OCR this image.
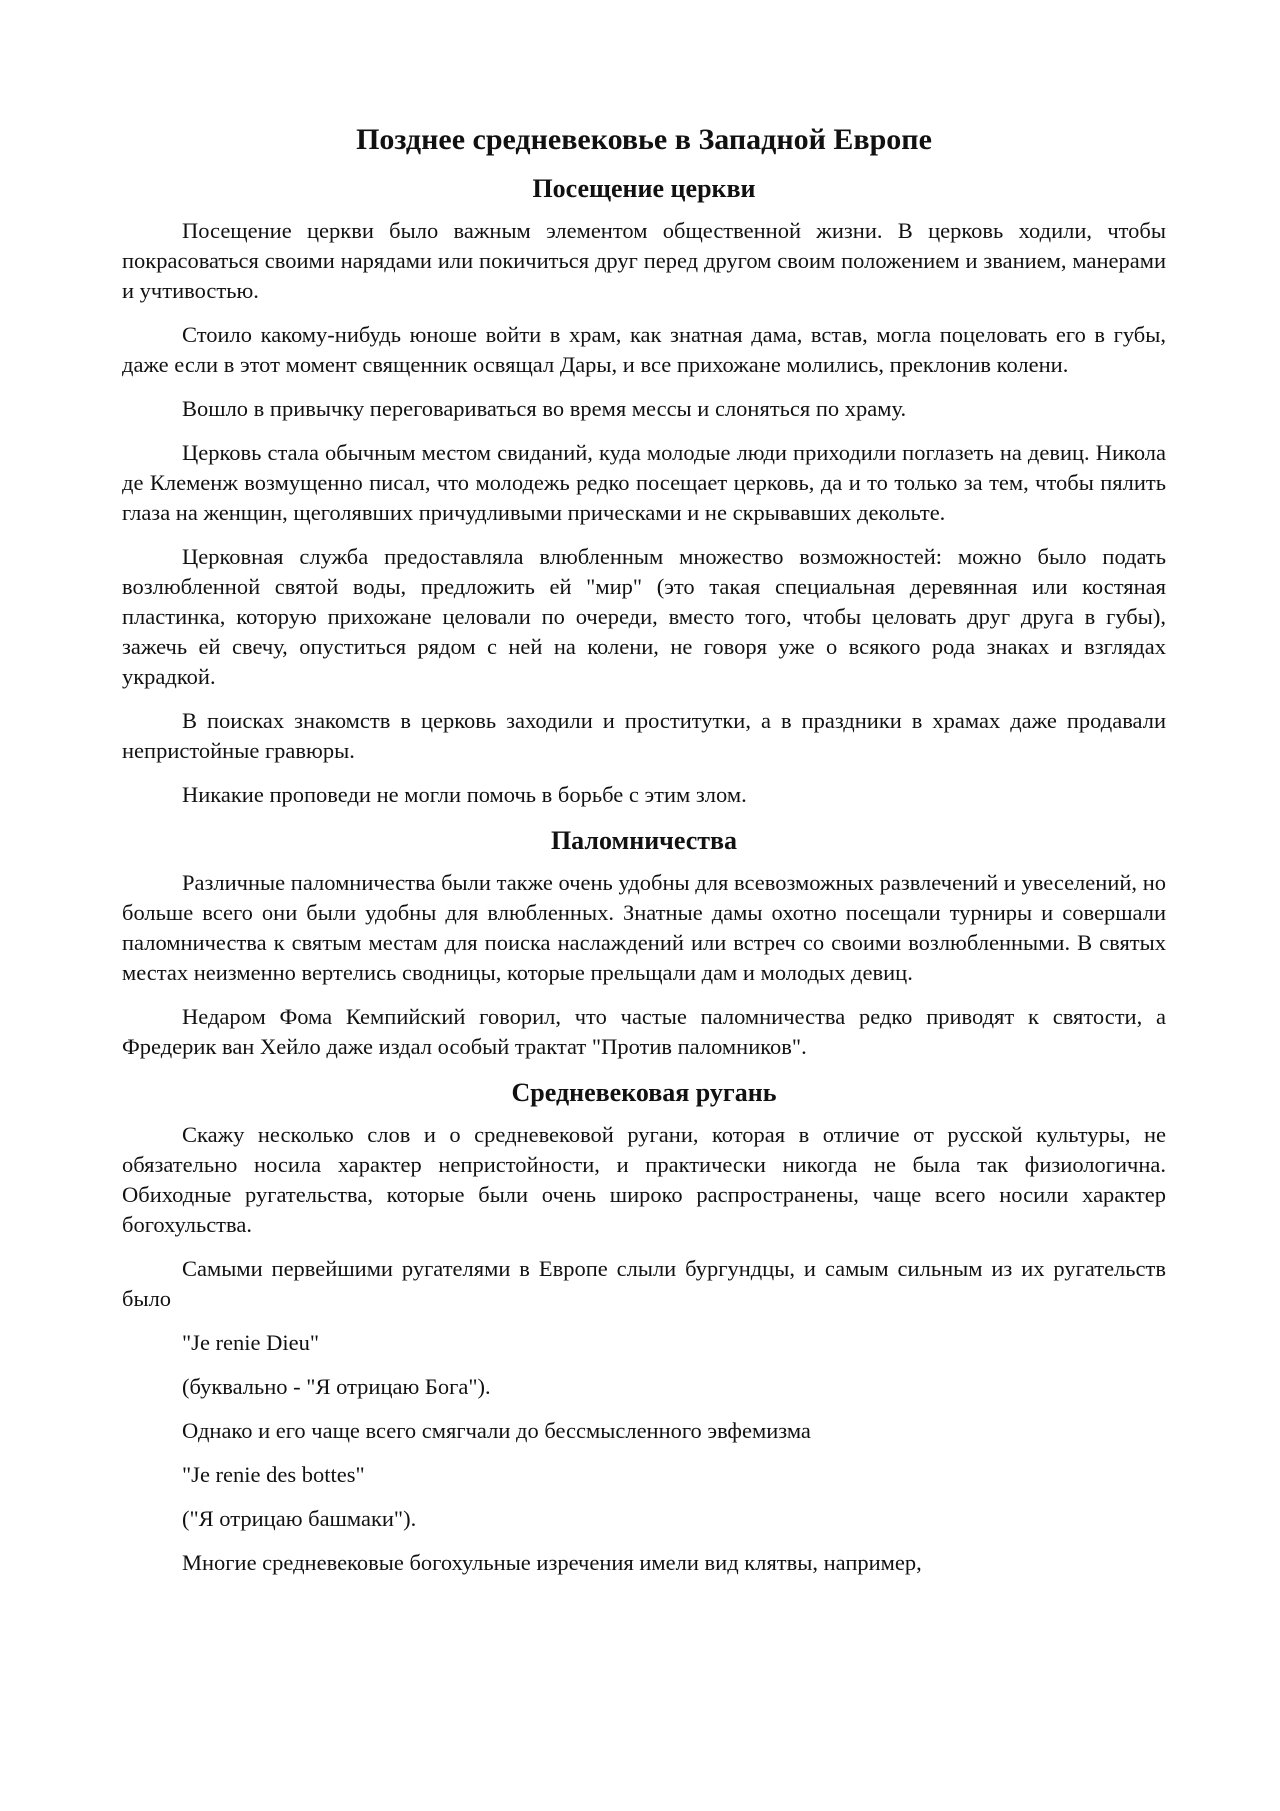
Позднее средневековье в Западной Европе
Посещение церкви

Посещение церкви было важным элементом общественной жизни. В церковь ходили, чтобы покрасоваться своими нарядами или покичиться друг перед другом своим положением и званием, манерами и учтивостью.

Стоило какому-нибудь юноше войти в храм, как знатная дама, встав, могла поцеловать его в губы, даже если в этот момент священник освящал Дары, и все прихожане молились, преклонив колени.

Вошло в привычку переговариваться во время мессы и слоняться по храму.

Церковь стала обычным местом свиданий, куда молодые люди приходили поглазеть на девиц. Никола де Клеменж возмущенно писал, что молодежь редко посещает церковь, да и то только за тем, чтобы пялить глаза на женщин, щеголявших причудливыми прическами и не скрывавших декольте.

Церковная служба предоставляла влюбленным множество возможностей: можно было подать возлюбленной святой воды, предложить ей "мир" (это такая специальная деревянная или костяная пластинка, которую прихожане целовали по очереди, вместо того, чтобы целовать друг друга в губы), зажечь ей свечу, опуститься рядом с ней на колени, не говоря уже о всякого рода знаках и взглядах украдкой.

В поисках знакомств в церковь заходили и проститутки, а в праздники в храмах даже продавали непристойные гравюры.

Никакие проповеди не могли помочь в борьбе с этим злом.

Паломничества

Различные паломничества были также очень удобны для всевозможных развлечений и увеселений, но больше всего они были удобны для влюбленных. Знатные дамы охотно посещали турниры и совершали паломничества к святым местам для поиска наслаждений или встреч со своими возлюбленными. В святых местах неизменно вертелись сводницы, которые прельщали дам и молодых девиц.

Недаром Фома Кемпийский говорил, что частые паломничества редко приводят к святости, а Фредерик ван Хейло даже издал особый трактат "Против паломников".

Средневековая ругань

Скажу несколько слов и о средневековой ругани, которая в отличие от русской культуры, не обязательно носила характер непристойности, и практически никогда не была так физиологична. Обиходные ругательства, которые были очень широко распространены, чаще всего носили характер богохульства.

Самыми первейшими ругателями в Европе слыли бургундцы, и самым сильным из их ругательств было

"Je renie Dieu"

(буквально - "Я отрицаю Бога").

Однако и его чаще всего смягчали до бессмысленного эвфемизма

"Je renie des bottes"

("Я отрицаю башмаки").

Многие средневековые богохульные изречения имели вид клятвы, например,
